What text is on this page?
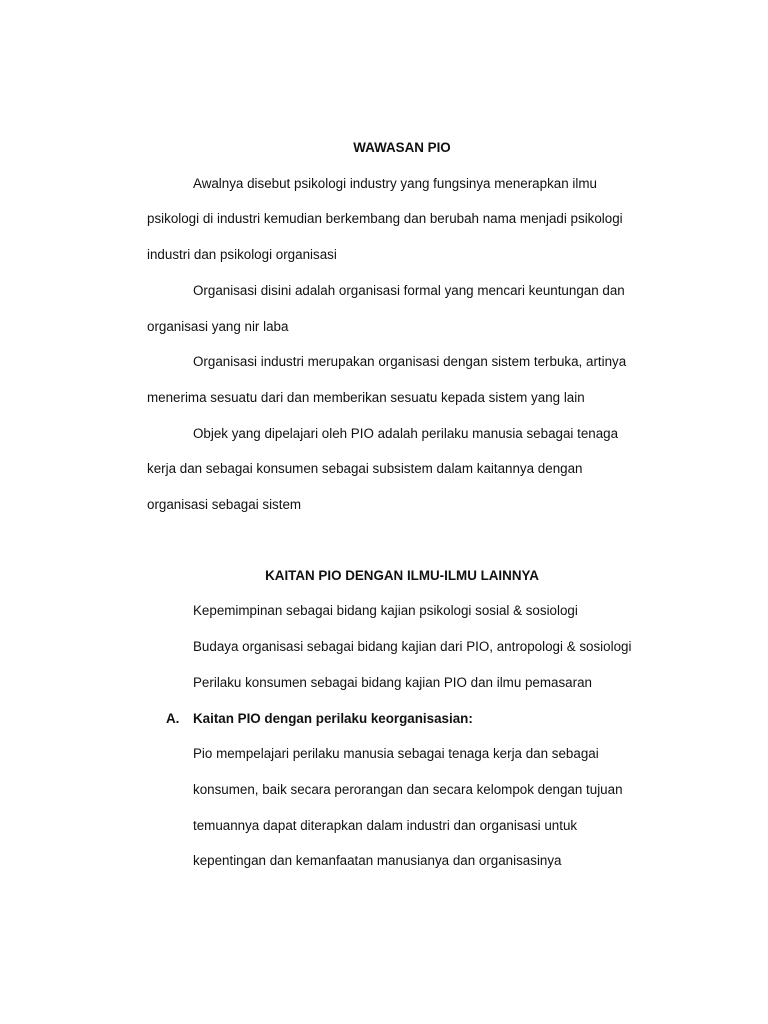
WAWASAN PIO
Awalnya disebut psikologi industry yang fungsinya menerapkan ilmu
psikologi di industri kemudian berkembang dan berubah nama menjadi psikologi
industri dan psikologi organisasi
Organisasi disini adalah organisasi formal yang mencari keuntungan dan
organisasi yang nir laba
Organisasi industri merupakan organisasi dengan sistem terbuka, artinya
menerima sesuatu dari dan memberikan sesuatu kepada sistem yang lain
Objek yang dipelajari oleh PIO adalah perilaku manusia sebagai tenaga
kerja dan sebagai konsumen sebagai subsistem dalam kaitannya dengan
organisasi sebagai sistem
KAITAN PIO DENGAN ILMU-ILMU LAINNYA
Kepemimpinan sebagai bidang kajian psikologi sosial & sosiologi
Budaya organisasi sebagai bidang kajian dari PIO, antropologi & sosiologi
Perilaku konsumen sebagai bidang kajian PIO dan ilmu pemasaran
A. Kaitan PIO dengan perilaku keorganisasian:
Pio mempelajari perilaku manusia sebagai tenaga kerja dan sebagai
konsumen, baik secara perorangan dan secara kelompok dengan tujuan
temuannya dapat diterapkan dalam industri dan organisasi untuk
kepentingan dan kemanfaatan manusianya dan organisasinya
